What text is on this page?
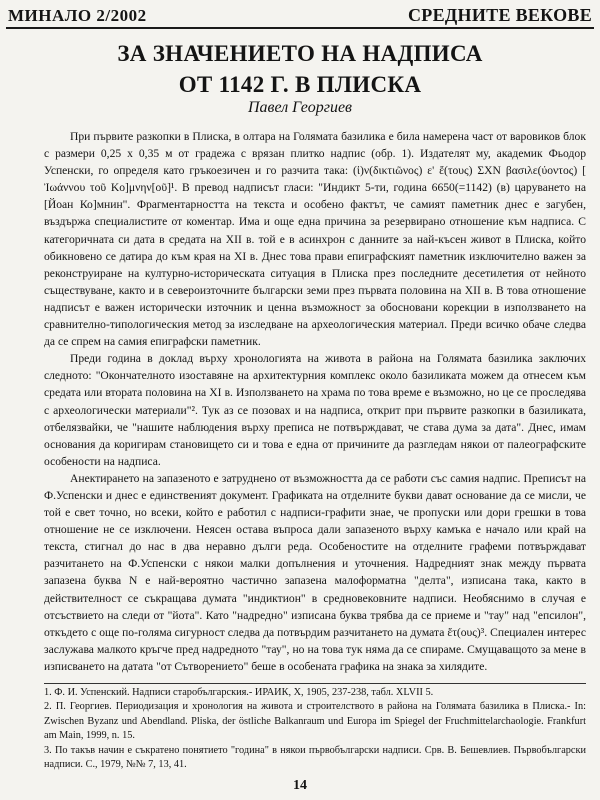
МИНАЛО 2/2002	СРЕДНИТЕ ВЕКОВЕ
ЗА ЗНАЧЕНИЕТО НА НАДПИСА
ОТ 1142 Г. В ПЛИСКА
Павел Георгиев

При първите разкопки в Плиска, в олтара на Голямата базилика е била намерена част от варовиков блок с размери 0,25 х 0,35 м от градежа с врязан плитко надпис (обр. 1). Издателят му, академик Фьодор Успенски, го определя като гръкоезичен и го разчита така: (ἰ)ν(δικτιῶνος) ε' ἔ(τους) ΣΧΝ βασιλε(ύοντος) [ Ἰωάννου τοῦ Κο]μνην[οῦ]¹. В превод надписът гласи: "Индикт 5-ти, година 6650(=1142) (в) царуването на [Йоан Ко]мнин". Фрагментарността на текста и особено фактът, че самият паметник днес е загубен, въздържа специалистите от коментар. Има и още една причина за резервирано отношение към надписа. С категоричната си дата в средата на XII в. той е в асинхрон с данните за най-късен живот в Плиска, който обикновено се датира до към края на XI в. Днес това прави епиграфският паметник изключително важен за реконструиране на културно-историческата ситуация в Плиска през последните десетилетия от нейното съществуване, както и в североизточните български земи през първата половина на XII в. В това отношение надписът е важен исторически източник и ценна възможност за обосновани корекции в използването на сравнително-типологическия метод за изследване на археологическия материал. Преди всичко обаче следва да се спрем на самия епиграфски паметник.

Преди година в доклад върху хронологията на живота в района на Голямата базилика заключих следното: "Окончателното изоставяне на архитектурния комплекс около базиликата можем да отнесем към средата или втората половина на XI в. Използването на храма по това време е възможно, но це се проследява с археологически материали"². Тук аз се позовах и на надписа, открит при първите разкопки в базиликата, отбелязвайки, че "нашите наблюдения върху преписа не потвърждават, че става дума за дата". Днес, имам основания да коригирам становището си и това е една от причините да разгледам някои от палеографските особености на надписа.

Анектирането на запазеното е затруднено от възможността да се работи със самия надпис. Преписът на Ф.Успенски и днес е единственият документ. Графиката на отделните букви дават основание да се мисли, че той е свет точно, но всеки, който е работил с надписи-графити знае, че пропуски или дори грешки в това отношение не се изключени. Неясен остава въпроса дали запазеното върху камъка е начало или край на текста, стигнал до нас в два неравно дълги реда. Особеностите на отделните графеми потвърждават разчитането на Ф.Успенски с някои малки допълнения и уточнения. Надредният знак между първата запазена буква N е най-вероятно частично запазена малоформатна "делта", изписана така, както в действителност се съкращава думата "индиктион" в средновековните надписи. Необяснимо в случая е отсъствието на следи от "йота". Като "надредно" изписана буква трябва да се приеме и "тау" над "епсилон", откъдето с още по-голяма сигурност следва да потвърдим разчитането на думата ἔτ(ους)³. Специален интерес заслужава малкото кръгче пред надредното "тау", но на това тук няма да се спираме. Смущаващото за мене в изписването на датата "от Сътворението" беше в особената графика на знака за хилядите.

1. Ф. И. Успенский. Надписи старобългарския.- ИРАИК, X, 1905, 237-238, табл. XLVII 5.

2. П. Георгиев. Периодизация и хронология на живота и строителството в района на Голямата базилика в Плиска.- In: Zwischen Byzanz und Abendland. Pliska, der östliche Balkanraum und Europa im Spiegel der Fruchmittelarchaologie. Frankfurt am Main, 1999, n. 15.

3. По такъв начин е съкратено понятието "година" в някои първобългарски надписи. Срв. В. Бешевлиев. Първобългарски надписи. С., 1979, №№ 7, 13, 41.

14
